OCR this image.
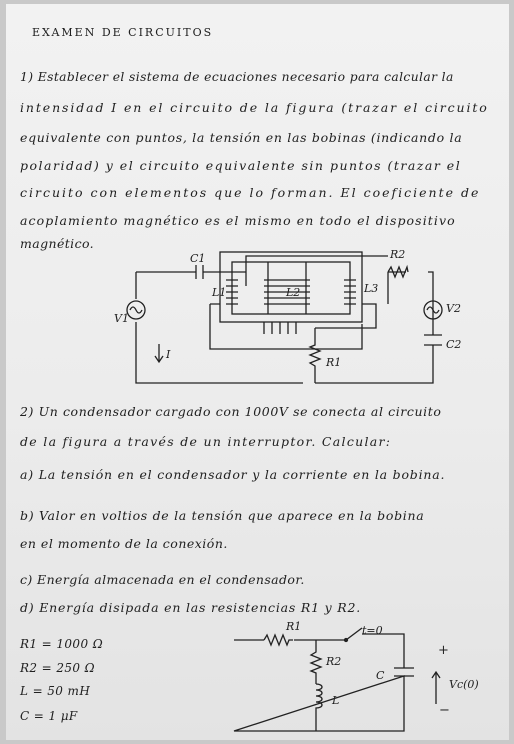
EXAMEN DE CIRCUITOS
1) Establecer el sistema de ecuaciones necesario para calcular la
intensidad I en el circuito de la figura (trazar el circuito
equivalente con puntos, la tensión en las bobinas (indicando la
polaridad) y el circuito equivalente sin puntos (trazar el
circuito con elementos que lo forman. El coeficiente de
acoplamiento magnético es el mismo en todo el dispositivo
magnético.
C1
L1	L2	L3
R2
V1
V2
C2
I
R1
2) Un condensador cargado con 1000V se conecta al circuito
de la figura a través de un interruptor. Calcular:
a) La tensión en el condensador y la corriente en la bobina.
b) Valor en voltios de la tensión que aparece en la bobina
en el momento de la conexión.
c) Energía almacenada en el condensador.
d) Energía disipada en las resistencias R1 y R2.
R1 = 1000 Ω
R2 = 250 Ω
L = 50 mH
C = 1 μF
R1	t=0
R2
C
L
+
−
Vc(0)
